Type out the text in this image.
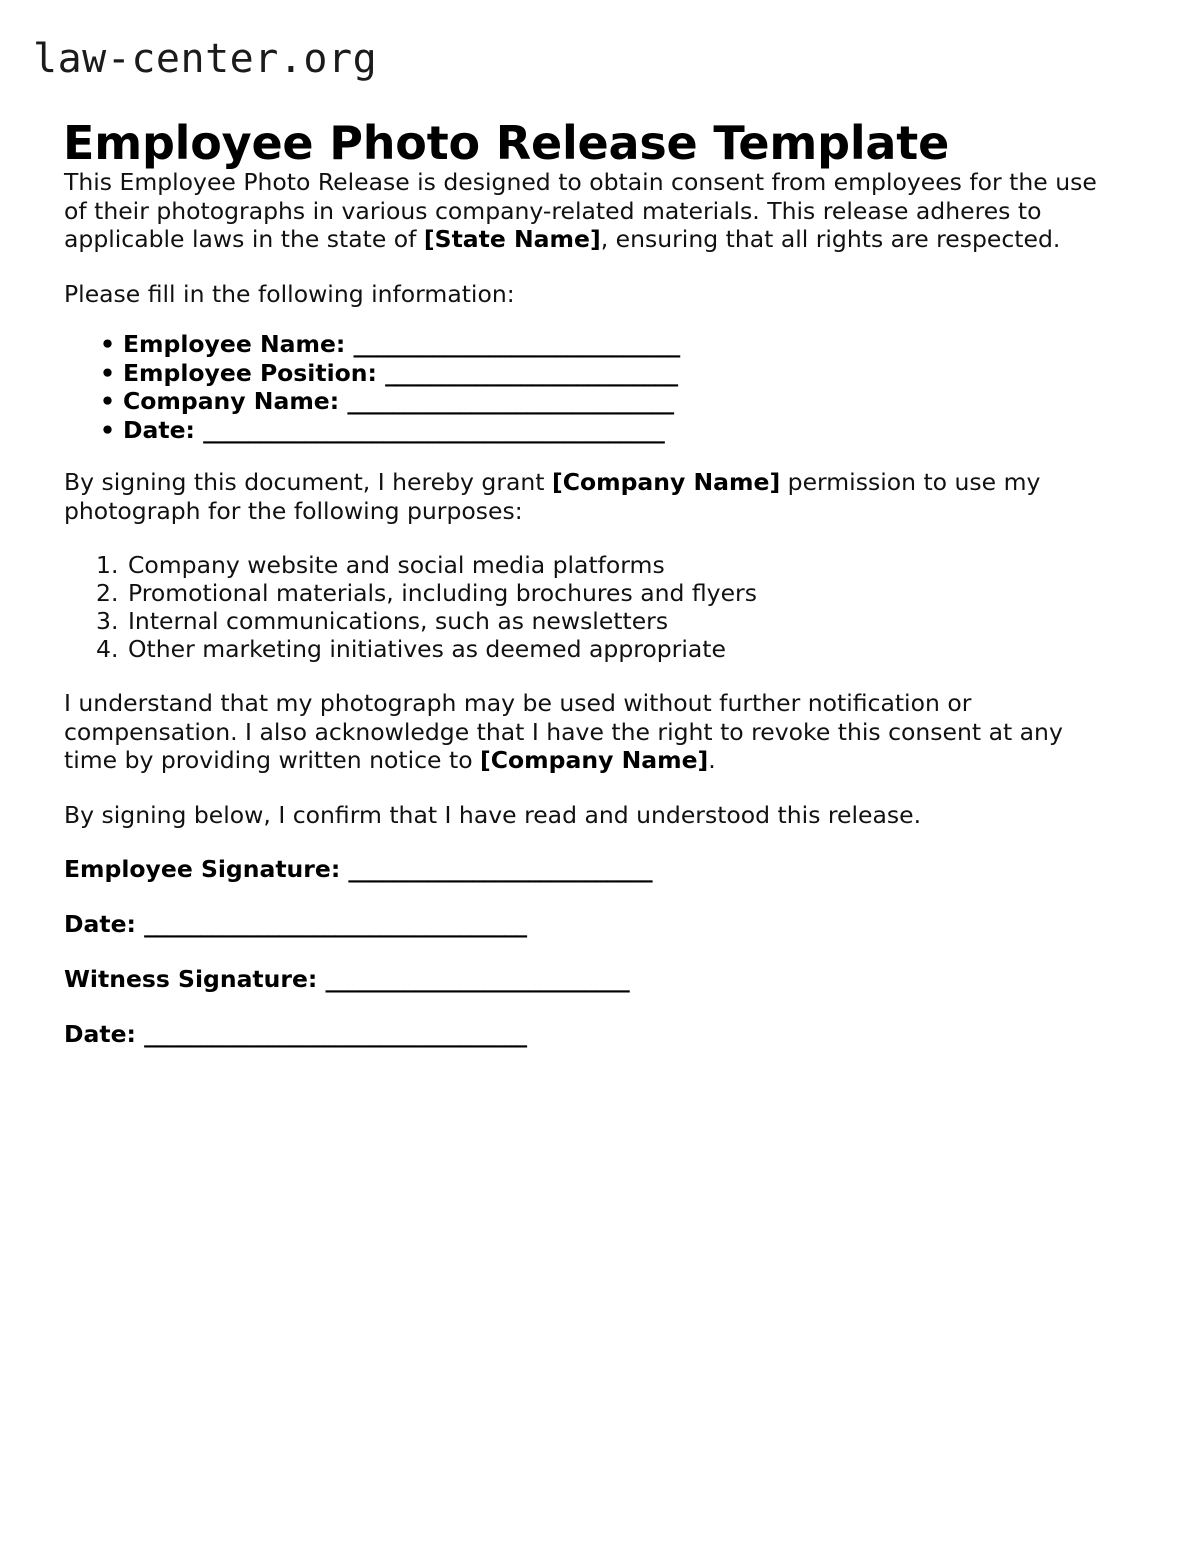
law-center.org
Employee Photo Release Template

This Employee Photo Release is designed to obtain consent from employees for the use of their photographs in various company-related materials. This release adheres to applicable laws in the state of [State Name], ensuring that all rights are respected.

Please fill in the following information:

• Employee Name: _____________________________
• Employee Position: __________________________
• Company Name: _____________________________
• Date: _________________________________________

By signing this document, I hereby grant [Company Name] permission to use my photograph for the following purposes:

Company website and social media platforms
Promotional materials, including brochures and flyers
Internal communications, such as newsletters
Other marketing initiatives as deemed appropriate

I understand that my photograph may be used without further notification or compensation. I also acknowledge that I have the right to revoke this consent at any time by providing written notice to [Company Name].

By signing below, I confirm that I have read and understood this release.

Employee Signature: ___________________________
Date: __________________________________
Witness Signature: ___________________________
Date: __________________________________
